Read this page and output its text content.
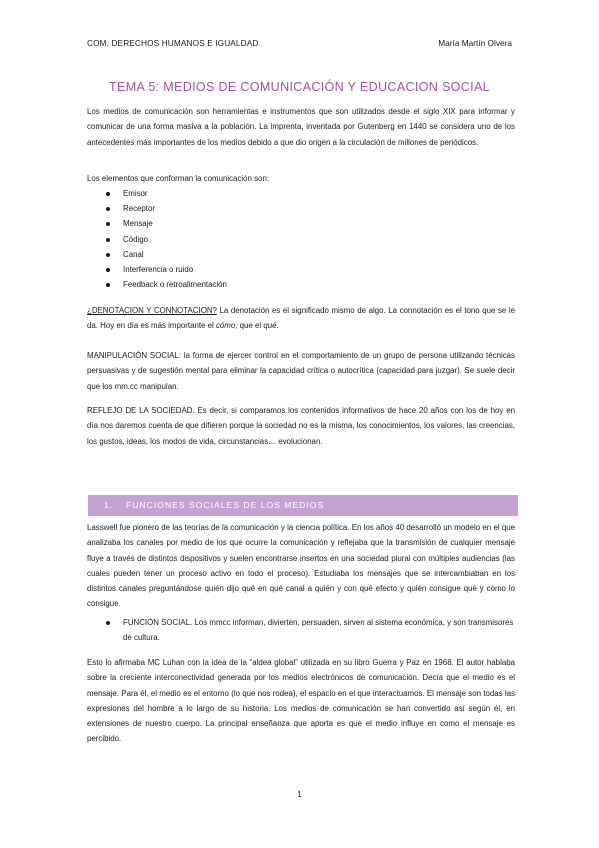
COM, DERECHOS HUMANOS E IGUALDAD	María Martín Olvera
TEMA 5: MEDIOS DE COMUNICACIÓN Y EDUCACION SOCIAL

Los medios de comunicación son herramientas e instrumentos que son utilizados desde el siglo XIX para informar y comunicar de una forma masiva a la población. La imprenta, inventada por Gutenberg en 1440 se considera uno de los antecedentes más importantes de los medios debido a que dio origen a la circulación de millones de periódicos.

Los elementos que conforman la comunicación son:

Emisor
Receptor
Mensaje
Código
Canal
Interferencia o ruido
Feedback o retroalimentación

¿DENOTACION Y CONNOTACION? La denotación es el significado mismo de algo. La connotación es el tono que se le da. Hoy en día es más importante el cómo, que el qué.

MANIPULACIÓN SOCIAL: la forma de ejercer control en el comportamiento de un grupo de persona utilizando técnicas persuasivas y de sugestión mental para eliminar la capacidad crítica o autocrítica (capacidad para juzgar). Se suele decir que los mm.cc manipulan.

REFLEJO DE LA SOCIEDAD. Es decir, si comparamos los contenidos informativos de hace 20 años con los de hoy en día nos daremos cuenta de que difieren porque la sociedad no es la misma, los conocimientos, los valores, las creencias, los gustos, ideas, los modos de vida, circunstancias… evolucionan.

1. FUNCIONES SOCIALES DE LOS MEDIOS

Lasswell fue pionero de las teorías de la comunicación y la ciencia política. En los años 40 desarrolló un modelo en el que analizaba los canales por medio de los que ocurre la comunicación y reflejaba que la transmisión de cualquier mensaje fluye a través de distintos dispositivos y suelen encontrarse insertos en una sociedad plural con múltiples audiencias (las cuales pueden tener un proceso activo en todo el proceso). Estudiaba los mensajes que se intercambiaban en los distintos canales preguntándose quién dijo qué en qué canal a quién y con qué efecto y quién consigue qué y cómo lo consigue.

FUNCIÓN SOCIAL. Los mmcc informan, divierten, persuaden, sirven al sistema económica, y son transmisores de cultura.

Esto lo afirmaba MC Luhan con la idea de la “aldea global” utilizada en su libro Guerra y Paz en 1968. El autor hablaba sobre la creciente interconectividad generada por los medios electrónicos de comunicación. Decía que el medio es el mensaje. Para él, el medio es el entorno (lo que nos rodea), el espacio en el que interactuamos. El mensaje son todas las expresiones del hombre a lo largo de su historia. Los medios de comunicación se han convertido así según él, en extensiones de nuestro cuerpo. La principal enseñanza que aporta es que el medio influye en como el mensaje es percibido.

1
